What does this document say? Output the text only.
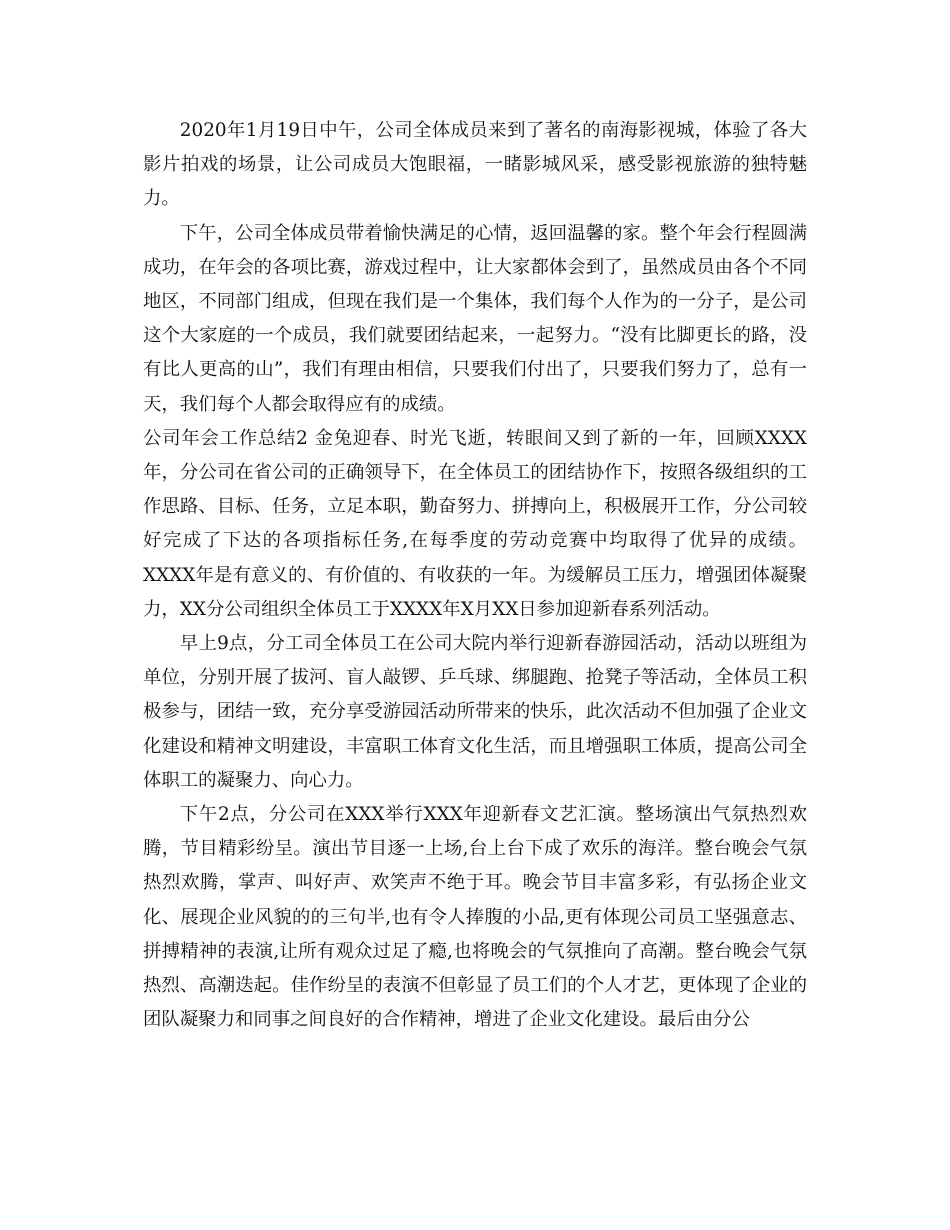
2020年1月19日中午，公司全体成员来到了著名的南海影视城，体验了各大影片拍戏的场景，让公司成员大饱眼福，一睹影城风采，感受影视旅游的独特魅力。

下午，公司全体成员带着愉快满足的心情，返回温馨的家。整个年会行程圆满成功，在年会的各项比赛，游戏过程中，让大家都体会到了，虽然成员由各个不同地区，不同部门组成，但现在我们是一个集体，我们每个人作为的一分子，是公司这个大家庭的一个成员，我们就要团结起来，一起努力。“没有比脚更长的路，没有比人更高的山”，我们有理由相信，只要我们付出了，只要我们努力了，总有一天，我们每个人都会取得应有的成绩。

公司年会工作总结2 金兔迎春、时光飞逝，转眼间又到了新的一年，回顾XXXX年，分公司在省公司的正确领导下，在全体员工的团结协作下，按照各级组织的工作思路、目标、任务，立足本职，勤奋努力、拼搏向上，积极展开工作，分公司较好完成了下达的各项指标任务,在每季度的劳动竞赛中均取得了优异的成绩。XXXX年是有意义的、有价值的、有收获的一年。为缓解员工压力，增强团体凝聚力，XX分公司组织全体员工于XXXX年X月XX日参加迎新春系列活动。

早上9点，分工司全体员工在公司大院内举行迎新春游园活动，活动以班组为单位，分别开展了拔河、盲人敲锣、乒乓球、绑腿跑、抢凳子等活动，全体员工积极参与，团结一致，充分享受游园活动所带来的快乐，此次活动不但加强了企业文化建设和精神文明建设，丰富职工体育文化生活，而且增强职工体质，提高公司全体职工的凝聚力、向心力。

下午2点，分公司在XXX举行XXX年迎新春文艺汇演。整场演出气氛热烈欢腾，节目精彩纷呈。演出节目逐一上场,台上台下成了欢乐的海洋。整台晚会气氛热烈欢腾，掌声、叫好声、欢笑声不绝于耳。晚会节目丰富多彩，有弘扬企业文化、展现企业风貌的的三句半,也有令人捧腹的小品,更有体现公司员工坚强意志、拼搏精神的表演,让所有观众过足了瘾,也将晚会的气氛推向了高潮。整台晚会气氛热烈、高潮迭起。佳作纷呈的表演不但彰显了员工们的个人才艺，更体现了企业的团队凝聚力和同事之间良好的合作精神，增进了企业文化建设。最后由分公
